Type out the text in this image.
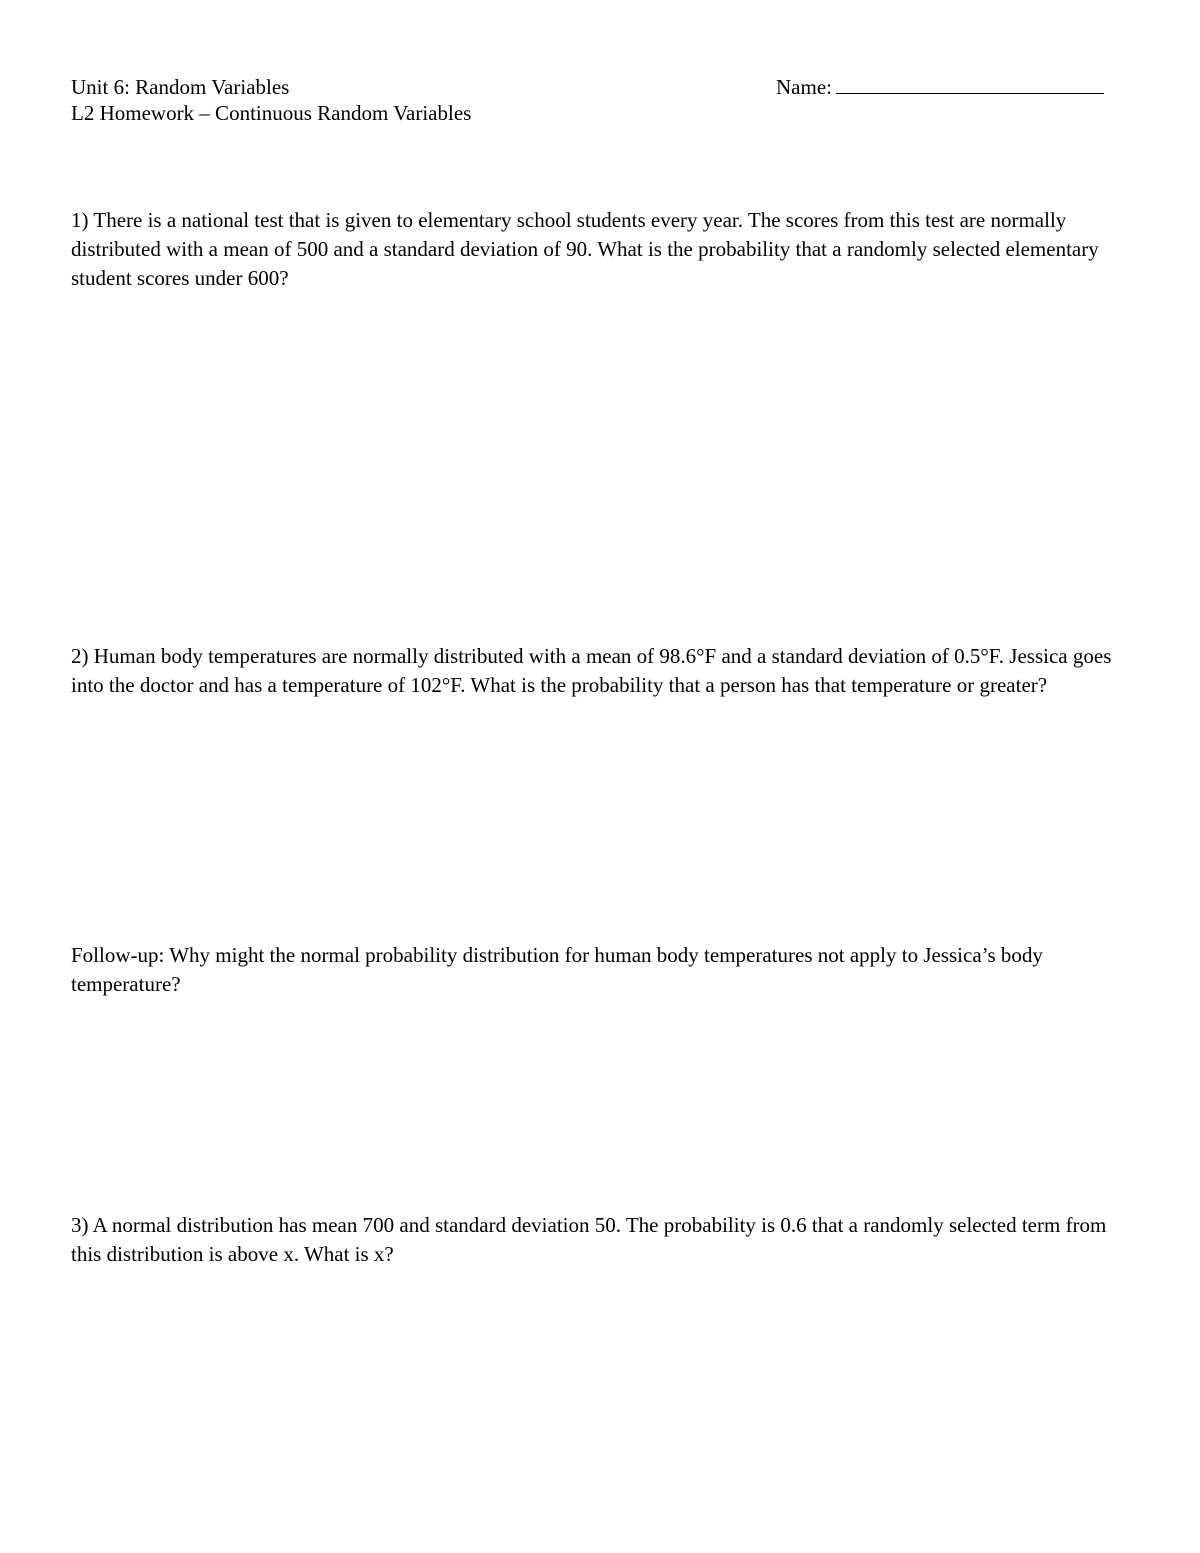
Unit 6: Random Variables
L2 Homework – Continuous Random Variables
Name:
1) There is a national test that is given to elementary school students every year. The scores from this test are normally distributed with a mean of 500 and a standard deviation of 90. What is the probability that a randomly selected elementary student scores under 600?
2) Human body temperatures are normally distributed with a mean of 98.6°F and a standard deviation of 0.5°F. Jessica goes into the doctor and has a temperature of 102°F. What is the probability that a person has that temperature or greater?
Follow-up: Why might the normal probability distribution for human body temperatures not apply to Jessica’s body temperature?
3) A normal distribution has mean 700 and standard deviation 50. The probability is 0.6 that a randomly selected term from this distribution is above x. What is x?
